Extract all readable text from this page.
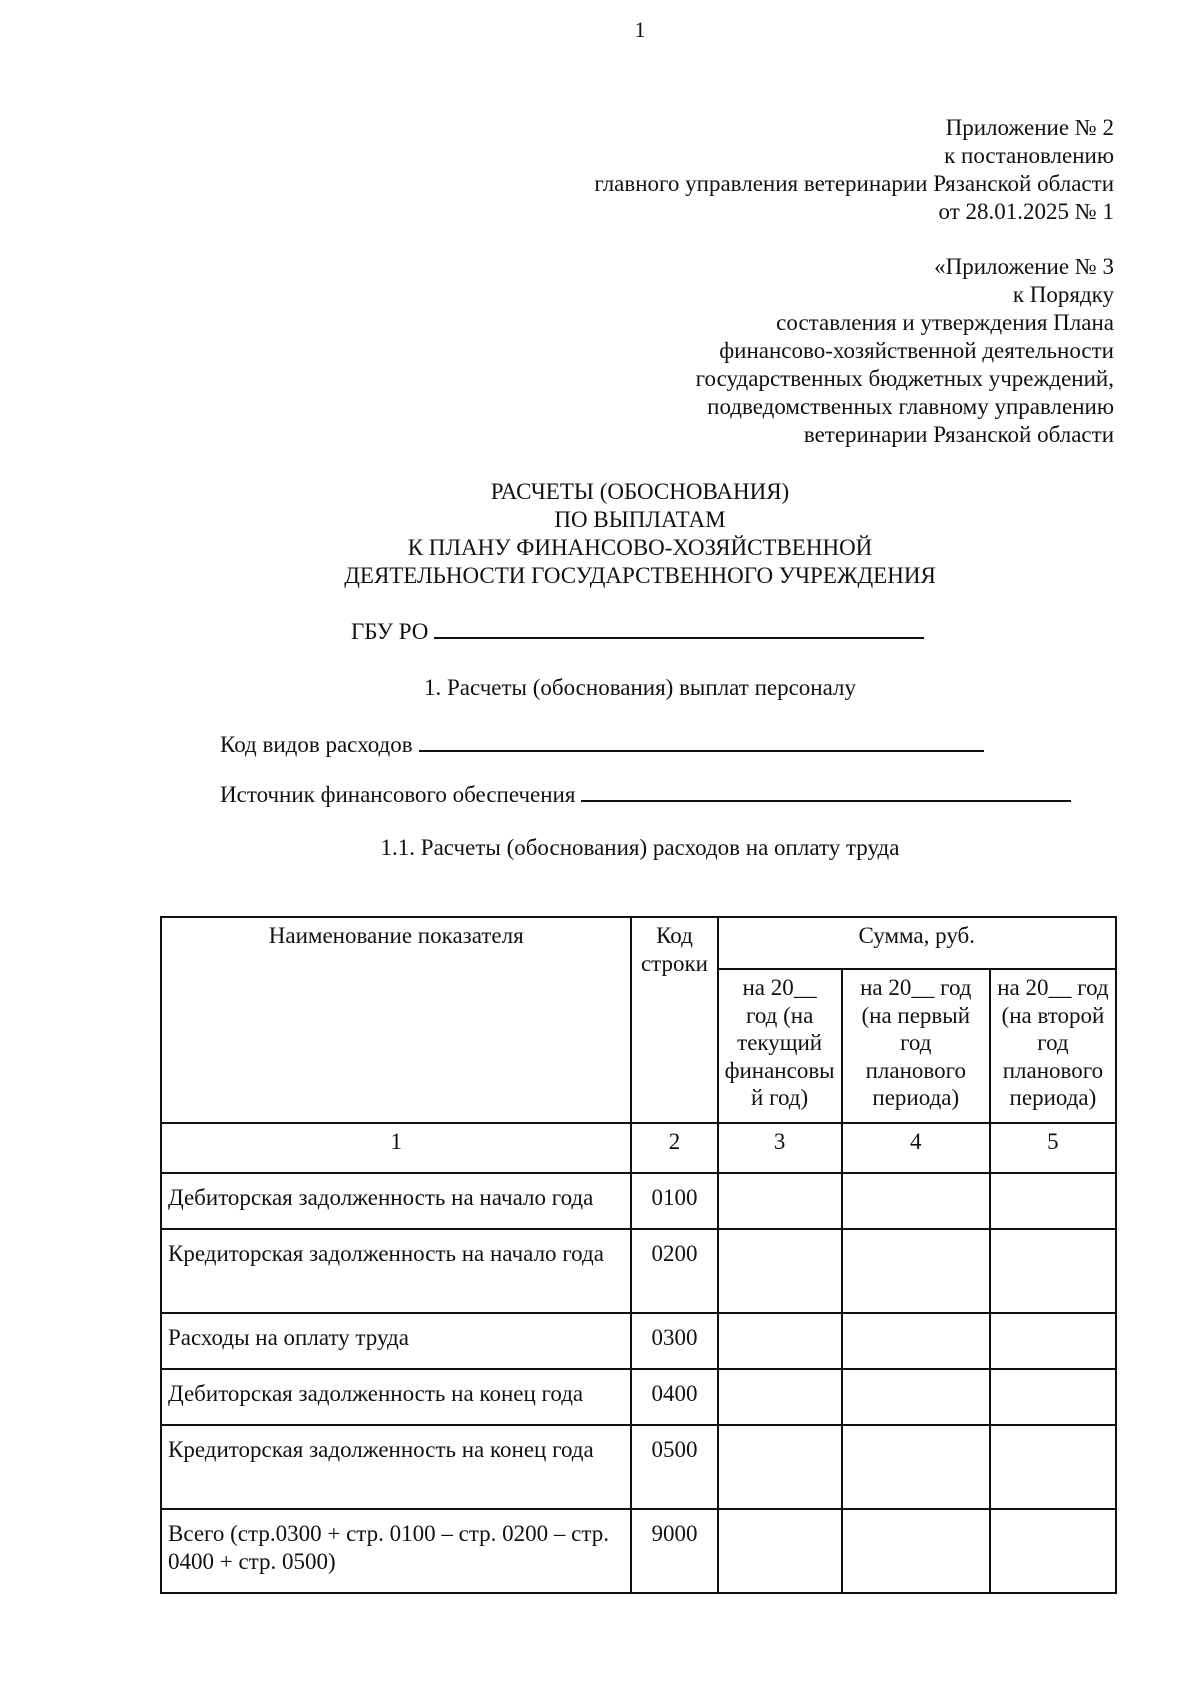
1
Приложение № 2
к постановлению
главного управления ветеринарии Рязанской области
от 28.01.2025 № 1
«Приложение № 3
к Порядку
составления и утверждения Плана
финансово-хозяйственной деятельности
государственных бюджетных учреждений,
подведомственных главному управлению
ветеринарии Рязанской области
РАСЧЕТЫ (ОБОСНОВАНИЯ)
ПО ВЫПЛАТАМ
К ПЛАНУ ФИНАНСОВО-ХОЗЯЙСТВЕННОЙ
ДЕЯТЕЛЬНОСТИ ГОСУДАРСТВЕННОГО УЧРЕЖДЕНИЯ
ГБУ РО
1. Расчеты (обоснования) выплат персоналу
Код видов расходов
Источник финансового обеспечения
1.1. Расчеты (обоснования) расходов на оплату труда
Наименование показателя	Код строки	Сумма, руб.		
		на 20__ год (на текущий финансовы й год)	на 20__ год (на первый год планового периода)	на 20__ год (на второй год планового периода)
1	2	3	4	5
Дебиторская задолженность на начало года	0100			
Кредиторская задолженность на начало года	0200			
Расходы на оплату труда	0300			
Дебиторская задолженность на конец года	0400			
Кредиторская задолженность на конец года	0500			
Всего (стр.0300 + стр. 0100 – стр. 0200 – стр. 0400 + стр. 0500)	9000			
